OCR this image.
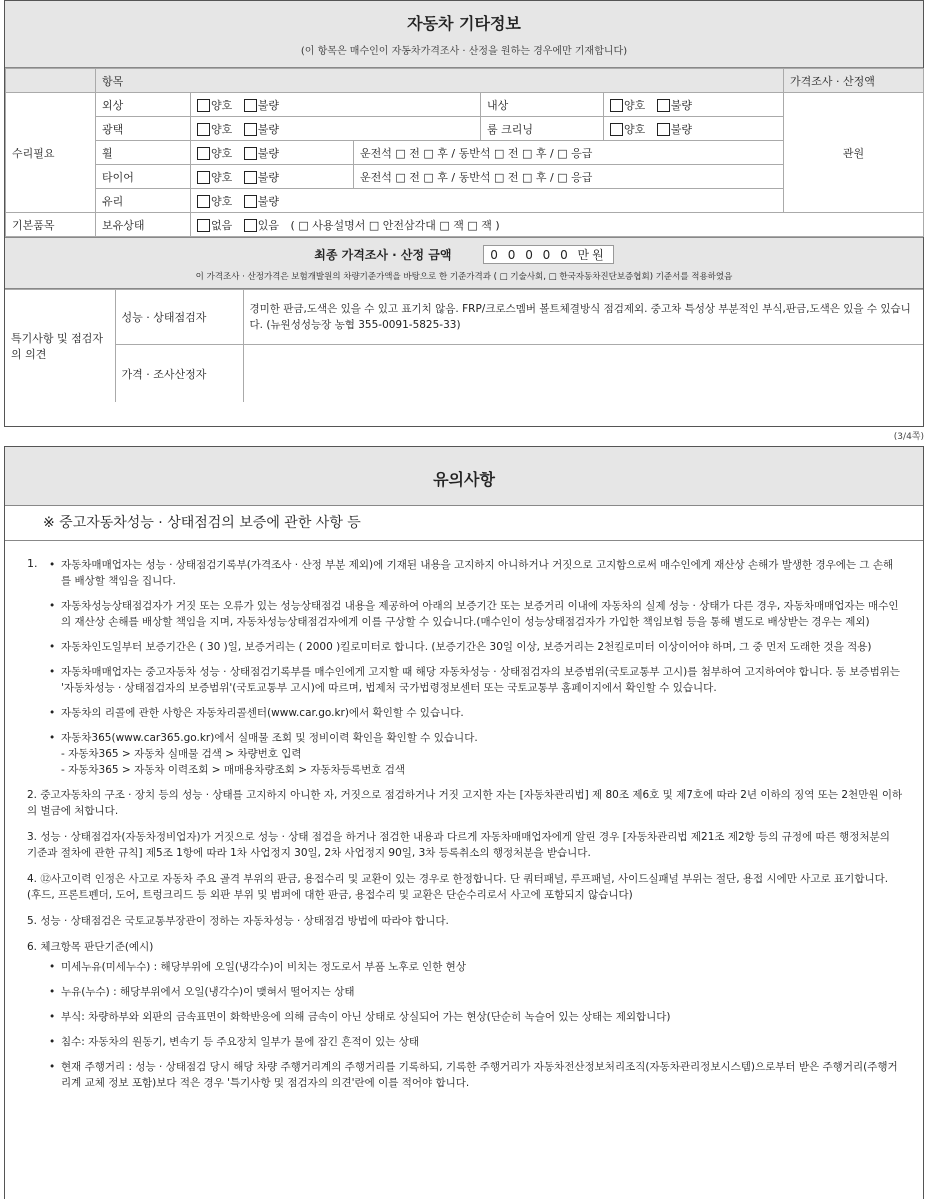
자동차 기타정보
(이 항목은 매수인이 자동차가격조사 · 산정을 원하는 경우에만 기재합니다)
	항목					가격조사 · 산정액
수리필요	외상	양호 불량		내상	양호 불량	관원
	광택	양호 불량		룸 크리닝	양호 불량	
	휠	양호 불량	운전석 □ 전 □ 후 / 동반석 □ 전 □ 후 / □ 응급			
	타이어	양호 불량	운전석 □ 전 □ 후 / 동반석 □ 전 □ 후 / □ 응급			
	유리	양호 불량				
기본품목	보유상태	없음 있음 ( □ 사용설명서 □ 안전삼각대 □ 잭 □ 잭 )				
최종 가격조사 · 산정 금액	0 0 0 0 0 만원
이 가격조사 · 산정가격은 보험개발원의 차량기준가액을 바탕으로 한 기준가격과 ( □ 기술사회, □ 한국자동차진단보증협회) 기준서를 적용하였음
특기사항 및 점검자의 의견	성능 · 상태점검자	경미한 판금,도색은 있을 수 있고 표기치 않음. FRP/크로스멤버 볼트체결방식 점검제외. 중고차 특성상 부분적인 부식,판금,도색은 있을 수 있습니다. (뉴원성성능장 농협 355-0091-5825-33)
	가격 · 조사산정자	
(3/4쪽)
유의사항
※ 중고자동차성능 · 상태점검의 보증에 관한 사항 등
1.	• 자동차매매업자는 성능 · 상태점검기록부(가격조사 · 산정 부분 제외)에 기재된 내용을 고지하지 아니하거나 거짓으로 고지함으로써 매수인에게 재산상 손해가 발생한 경우에는 그 손해를 배상할 책임을 집니다.
• 자동차성능상태점검자가 거짓 또는 오류가 있는 성능상태점검 내용을 제공하여 아래의 보증기간 또는 보증거리 이내에 자동차의 실제 성능 · 상태가 다른 경우, 자동차매매업자는 매수인의 재산상 손해를 배상할 책임을 지며, 자동차성능상태점검자에게 이를 구상할 수 있습니다.(매수인이 성능상태점검자가 가입한 책임보험 등을 통해 별도로 배상받는 경우는 제외)
• 자동차인도일부터 보증기간은 ( 30 )일, 보증거리는 ( 2000 )킬로미터로 합니다. (보증기간은 30일 이상, 보증거리는 2천킬로미터 이상이어야 하며, 그 중 먼저 도래한 것을 적용)
• 자동차매매업자는 중고자동차 성능 · 상태점검기록부를 매수인에게 고지할 때 해당 자동차성능 · 상태점검자의 보증범위(국토교통부 고시)를 첨부하여 고지하여야 합니다. 동 보증범위는 '자동차성능 · 상태점검자의 보증범위'(국토교통부 고시)에 따르며, 법제처 국가법령정보센터 또는 국토교통부 홈페이지에서 확인할 수 있습니다.
• 자동차의 리콜에 관한 사항은 자동차리콜센터(www.car.go.kr)에서 확인할 수 있습니다.
• 자동차365(www.car365.go.kr)에서 실매물 조회 및 정비이력 확인을 확인할 수 있습니다.
- 자동차365 > 자동차 실매물 검색 > 차량번호 입력
- 자동차365 > 자동차 이력조회 > 매매용차량조회 > 자동차등록번호 검색
2. 중고자동차의 구조 · 장치 등의 성능 · 상태를 고지하지 아니한 자, 거짓으로 점검하거나 거짓 고지한 자는 [자동차관리법] 제 80조 제6호 및 제7호에 따라 2년 이하의 징역 또는 2천만원 이하의 벌금에 처합니다.
3. 성능 · 상태점검자(자동차정비업자)가 거짓으로 성능 · 상태 점검을 하거나 점검한 내용과 다르게 자동차매매업자에게 알린 경우 [자동차관리법 제21조 제2항 등의 규정에 따른 행정처분의 기준과 절차에 관한 규칙] 제5조 1항에 따라 1차 사업정지 30일, 2차 사업정지 90일, 3차 등록취소의 행정처분을 받습니다.
4. ⑫사고이력 인정은 사고로 자동차 주요 골격 부위의 판금, 용접수리 및 교환이 있는 경우로 한정합니다. 단 쿼터패널, 루프패널, 사이드실패널 부위는 절단, 용접 시에만 사고로 표기합니다. (후드, 프론트펜더, 도어, 트렁크리드 등 외판 부위 및 범퍼에 대한 판금, 용접수리 및 교환은 단순수리로서 사고에 포함되지 않습니다)
5. 성능 · 상태점검은 국토교통부장관이 정하는 자동차성능 · 상태점검 방법에 따라야 합니다.
6. 체크항목 판단기준(예시)
• 미세누유(미세누수) : 해당부위에 오일(냉각수)이 비치는 정도로서 부품 노후로 인한 현상
• 누유(누수) : 해당부위에서 오일(냉각수)이 맺혀서 떨어지는 상태
• 부식: 차량하부와 외판의 금속표면이 화학반응에 의해 금속이 아닌 상태로 상실되어 가는 현상(단순히 녹슬어 있는 상태는 제외합니다)
• 침수: 자동차의 원동기, 변속기 등 주요장치 일부가 물에 잠긴 흔적이 있는 상태
• 현재 주행거리 : 성능 · 상태점검 당시 해당 차량 주행거리계의 주행거리를 기록하되, 기록한 주행거리가 자동차전산정보처리조직(자동차관리정보시스템)으로부터 받은 주행거리(주행거리계 교체 정보 포함)보다 적은 경우 '특기사항 및 점검자의 의견'란에 이를 적어야 합니다.
